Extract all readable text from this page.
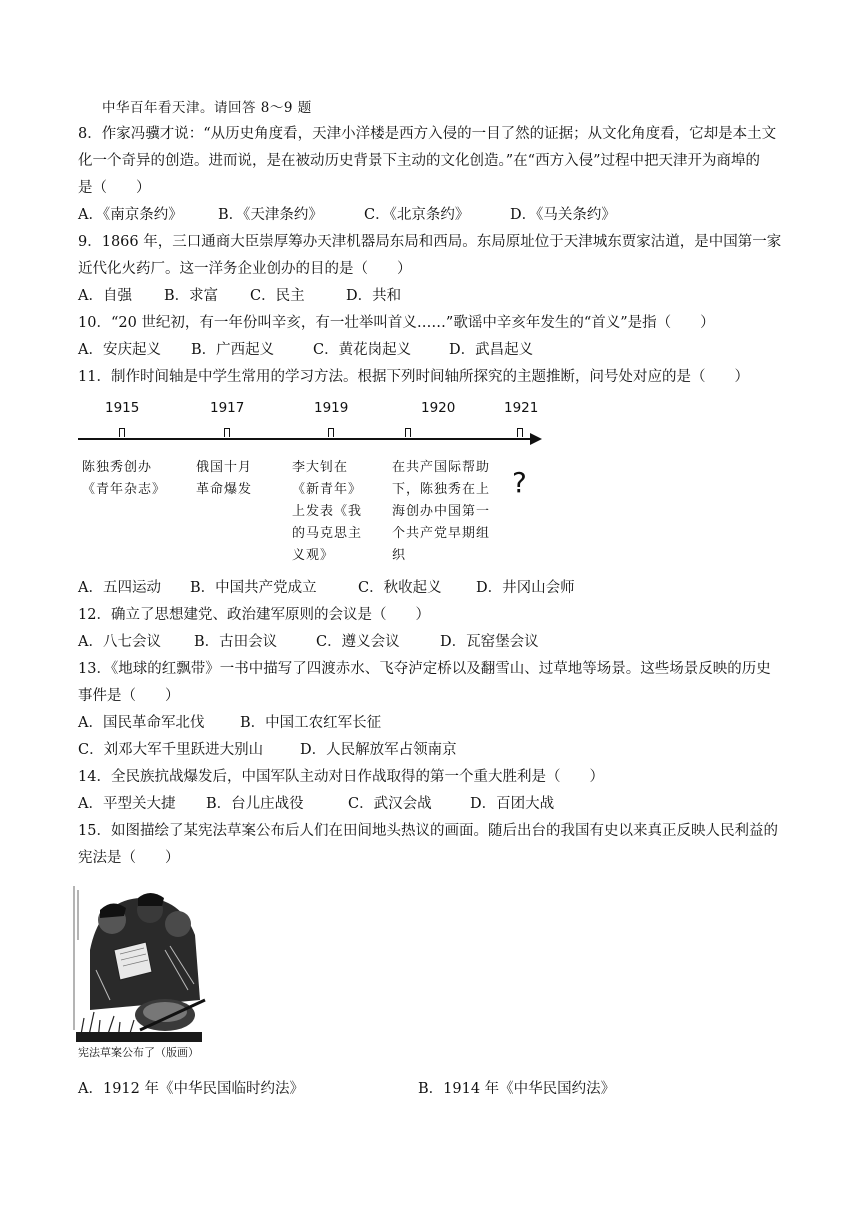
中华百年看天津。请回答 8～9 题
8．作家冯骥才说：“从历史角度看，天津小洋楼是西方入侵的一目了然的证据；从文化角度看，它却是本土文
化一个奇异的创造。进而说，是在被动历史背景下主动的文化创造。”在“西方入侵”过程中把天津开为商埠的
是（　　）
A．《南京条约》 B．《天津条约》	C．《北京条约》	D．《马关条约》
9．1866 年，三口通商大臣崇厚筹办天津机器局东局和西局。东局原址位于天津城东贾家沽道，是中国第一家
近代化火药厂。这一洋务企业创办的目的是（　　）
A．自强 B．求富 C．民主	D．共和
10．“20 世纪初，有一年份叫辛亥，有一壮举叫首义……”歌谣中辛亥年发生的“首义”是指（　　）
A．安庆起义 B．广西起义	C．黄花岗起义	D．武昌起义
11．制作时间轴是中学生常用的学习方法。根据下列时间轴所探究的主题推断，问号处对应的是（　　）
1915
陈独秀创办《青年杂志》
1917
俄国十月革命爆发
1919
李大钊在《新青年》上发表《我的马克思主义观》
1920
在共产国际帮助下，陈独秀在上海创办中国第一个共产党早期组织
1921
?
A．五四运动 B．中国共产党成立	C．秋收起义 D．井冈山会师
12．确立了思想建党、政治建军原则的会议是（　　）
A．八七会议 B．古田会议	C．遵义会议	D．瓦窑堡会议
13．《地球的红飘带》一书中描写了四渡赤水、飞夺泸定桥以及翻雪山、过草地等场景。这些场景反映的历史
事件是（　　）
A．国民革命军北伐 B．中国工农红军长征
C．刘邓大军千里跃进大别山	D．人民解放军占领南京
14．全民族抗战爆发后，中国军队主动对日作战取得的第一个重大胜利是（　　）
A．平型关大捷 B．台儿庄战役	C．武汉会战	D．百团大战
15．如图描绘了某宪法草案公布后人们在田间地头热议的画面。随后出台的我国有史以来真正反映人民利益的
宪法是（　　）
宪法草案公布了（版画）
A．1912 年《中华民国临时约法》	B．1914 年《中华民国约法》
